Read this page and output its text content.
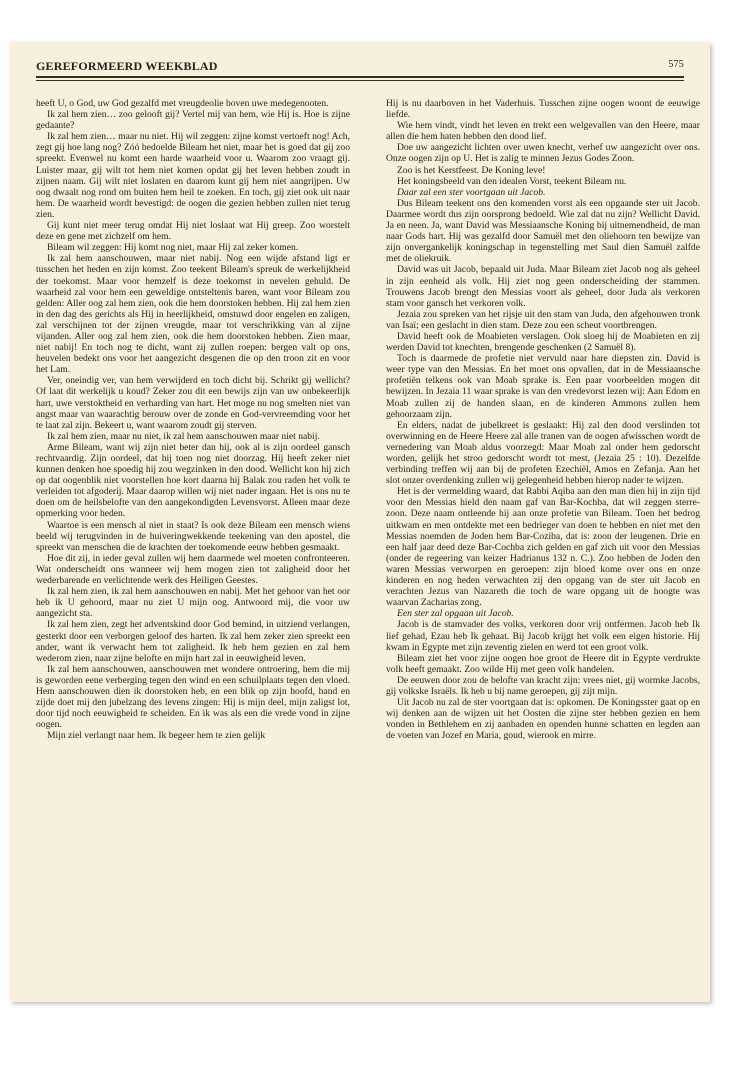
GEREFORMEERD WEEKBLAD	575

heeft U, o God, uw God gezalfd met vreugdeolie boven uwe medegenooten.

Ik zal hem zien… zoo gelooft gij? Vertel mij van hem, wie Hij is. Hoe is zijne gedaante?

Ik zal hem zien… maar nu niet. Hij wil zeggen: zijne komst vertoeft nog! Ach, zegt gij hoe lang nog? Zóó bedoelde Bileam het niet, maar het is goed dat gij zoo spreekt. Evenwel nu komt een harde waarheid voor u. Waarom zoo vraagt gij. Luister maar, gij wilt tot hem niet komen opdat gij het leven hebben zoudt in zijnen naam. Gij wilt niet loslaten en daarom kunt gij hem niet aangrijpen. Uw oog dwaalt nog rond om buiten hem heil te zoeken. En toch, gij ziet ook uit naar hem. De waarheid wordt bevestigd: de oogen die gezien hebben zullen niet terug zien.

Gij kunt niet meer terug omdat Hij niet loslaat wat Hij greep. Zoo worstelt deze en gene met zichzelf om hem.

Bileam wil zeggen: Hij komt nog niet, maar Hij zal zeker komen.

Ik zal hem aanschouwen, maar niet nabij. Nog een wijde afstand ligt er tusschen het heden en zijn komst. Zoo teekent Bileam's spreuk de werkelijkheid der toekomst. Maar voor hemzelf is deze toekomst in nevelen gehuld. De waarheid zal voor hem een geweldige ontsteltenis baren, want voor Bileam zou gelden: Aller oog zal hem zien, ook die hem doorstoken hebben. Hij zal hem zien in den dag des gerichts als Hij in heerlijkheid, omstuwd door engelen en zaligen, zal verschijnen tot der zijnen vreugde, maar tot verschrikking van al zijne vijanden. Aller oog zal hem zien, ook die hem doorstoken hebben. Zien maar, niet nabij! En toch nog te dicht, want zij zullen roepen: bergen valt op ons, heuvelen bedekt ons voor het aangezicht desgenen die op den troon zit en voor het Lam.

Ver, oneindig ver, van hem verwijderd en toch dicht bij. Schrikt gij wellicht? Of laat dit werkelijk u koud? Zeker zou dit een bewijs zijn van uw onbekeerlijk hart, uwe verstoktheid en verharding van hart. Het moge nu nog smelten niet van angst maar van waarachtig berouw over de zonde en God-vervreemding voor het te laat zal zijn. Bekeert u, want waarom zoudt gij sterven.

Ik zal hem zien, maar nu niet, ik zal hem aanschouwen maar niet nabij.

Arme Bileam, want wij zijn niet beter dan hij, ook al is zijn oordeel gansch rechtvaardig. Zijn oordeel, dat hij toen nog niet doorzag. Hij heeft zeker niet kunnen denken hoe spoedig hij zou wegzinken in den dood. Wellicht kon hij zich op dat oogenblik niet voorstellen hoe kort daarna hij Balak zou raden het volk te verleiden tot afgoderij. Maar daarop willen wij niet nader ingaan. Het is ons nu te doen om de heilsbelofte van den aangekondigden Levensvorst. Alleen maar deze opmerking voor heden.

Waartoe is een mensch al niet in staat? Is ook deze Bileam een mensch wiens beeld wij terugvinden in de huiveringwekkende teekening van den apostel, die spreekt van menschen die de krachten der toekomende eeuw hebben gesmaakt.

Hoe dit zij, in ieder geval zullen wij hem daarmede wel moeten confronteeren. Wat onderscheidt ons wanneer wij hem mogen zien tot zaligheid door het wederbarende en verlichtende werk des Heiligen Geestes.

Ik zal hem zien, ik zal hem aanschouwen en nabij. Met het gehoor van het oor heb ik U gehoord, maar nu ziet U mijn oog. Antwoord mij, die voor uw aangezicht sta.

Ik zal hem zien, zegt het adventskind door God bemind, in uitziend verlangen, gesterkt door een verborgen geloof des harten. Ik zal hem zeker zien spreekt een ander, want ik verwacht hem tot zaligheid. Ik heb hem gezien en zal hem wederom zien, naar zijne belofte en mijn hart zal in eeuwigheid leven.

Ik zal hem aanschouwen, aanschouwen met wondere ontroering, hem die mij is geworden eene verberging tegen den wind en een schuilplaats tegen den vloed. Hem aanschouwen dien ik doorstoken heb, en een blik op zijn hoofd, hand en zijde doet mij den jubelzang des levens zingen: Hij is mijn deel, mijn zaligst lot, door tijd noch eeuwigheid te scheiden. En ik was als een die vrede vond in zijne oogen.

Mijn ziel verlangt naar hem. Ik begeer hem te zien gelijk

Hij is nu daarboven in het Vaderhuis. Tusschen zijne oogen woont de eeuwige liefde.

Wie hem vindt, vindt het leven en trekt een welgevallen van den Heere, maar allen die hem haten hebben den dood lief.

Doe uw aangezicht lichten over uwen knecht, verhef uw aangezicht over ons. Onze oogen zijn op U. Het is zalig te minnen Jezus Godes Zoon.

Zoo is het Kerstfeest. De Koning leve!

Het koningsbeeld van den idealen Vorst, teekent Bileam nu.

Daar zal een ster voortgaan uit Jacob.

Dus Bileam teekent ons den komenden vorst als een opgaande ster uit Jacob. Daarmee wordt dus zijn oorsprong bedoeld. Wie zal dat nu zijn? Wellicht David. Ja en neen. Ja, want David was Messiaansche Koning bij uitnemendheid, de man naar Gods hart. Hij was gezalfd door Samuël met den oliehoorn ten bewijze van zijn onvergankelijk koningschap in tegenstelling met Saul dien Samuël zalfde met de oliekruik.

David was uit Jacob, bepaald uit Juda. Maar Bileam ziet Jacob nog als geheel in zijn eenheid als volk. Hij ziet nog geen onderscheiding der stammen. Trouwens Jacob brengt den Messias voort als geheel, door Juda als verkoren stam voor gansch het verkoren volk.

Jezaia zou spreken van het rijsje uit den stam van Juda, den afgehouwen tronk van Isaï; een geslacht in dien stam. Deze zou een scheut voortbrengen.

David heeft ook de Moabieten verslagen. Ook sloeg hij de Moabieten en zij werden David tot knechten, brengende geschenken (2 Samuël 8).

Toch is daarmede de profetie niet vervuld naar hare diepsten zin. David is weer type van den Messias. En het moet ons opvallen, dat in de Messiaansche profetiën telkens ook van Moab sprake is. Een paar voorbeelden mogen dit bewijzen. In Jezaia 11 waar sprake is van den vredevorst lezen wij: Aan Edom en Moab zullen zij de handen slaan, en de kinderen Ammons zullen hem gehoorzaam zijn.

En elders, nadat de jubelkreet is geslaakt: Hij zal den dood verslinden tot overwinning en de Heere Heere zal alle tranen van de oogen afwisschen wordt de vernedering van Moab aldus voorzegd: Maar Moab zal onder hem gedorscht worden, gelijk het stroo gedorscht wordt tot mest, (Jezaia 25 : 10). Dezelfde verbinding treffen wij aan bij de profeten Ezechiël, Amos en Zefanja. Aan het slot onzer overdenking zullen wij gelegenheid hebben hierop nader te wijzen.

Het is der vermelding waard, dat Rabbi Aqiba aan den man dien hij in zijn tijd voor den Messias hield den naam gaf van Bar-Kochba, dat wil zeggen sterre-zoon. Deze naam ontleende hij aan onze profetie van Bileam. Toen het bedrog uitkwam en men ontdekte met een bedrieger van doen te hebben en niet met den Messias noemden de Joden hem Bar-Coziba, dat is: zoon der leugenen. Drie en een half jaar deed deze Bar-Cochba zich gelden en gaf zich uit voor den Messias (onder de regeering van keizer Hadrianus 132 n. C.). Zoo hebben de Joden den waren Messias verworpen en geroepen: zijn bloed kome over ons en onze kinderen en nog heden verwachten zij den opgang van de ster uit Jacob en verachten Jezus van Nazareth die toch de ware opgang uit de hoogte was waarvan Zacharias zong.

Een ster zal opgaan uit Jacob.

Jacob is de stamvader des volks, verkoren door vrij ontfermen. Jacob heb Ik lief gehad, Ezau heb Ik gehaat. Bij Jacob krijgt het volk een eigen historie. Hij kwam in Egypte met zijn zeventig zielen en werd tot een groot volk.

Bileam ziet het voor zijne oogen hoe groot de Heere dit in Egypte verdrukte volk heeft gemaakt. Zoo wilde Hij met geen volk handelen.

De eeuwen door zou de belofte van kracht zijn: vrees niet, gij wormke Jacobs, gij volkske Israëls. Ik heb u bij name geroepen, gij zijt mijn.

Uit Jacob nu zal de ster voortgaan dat is: opkomen. De Koningsster gaat op en wij denken aan de wijzen uit het Oosten die zijne ster hebben gezien en hem vonden in Bethlehem en zij aanbaden en openden hunne schatten en legden aan de voeten van Jozef en Maria, goud, wierook en mirre.
